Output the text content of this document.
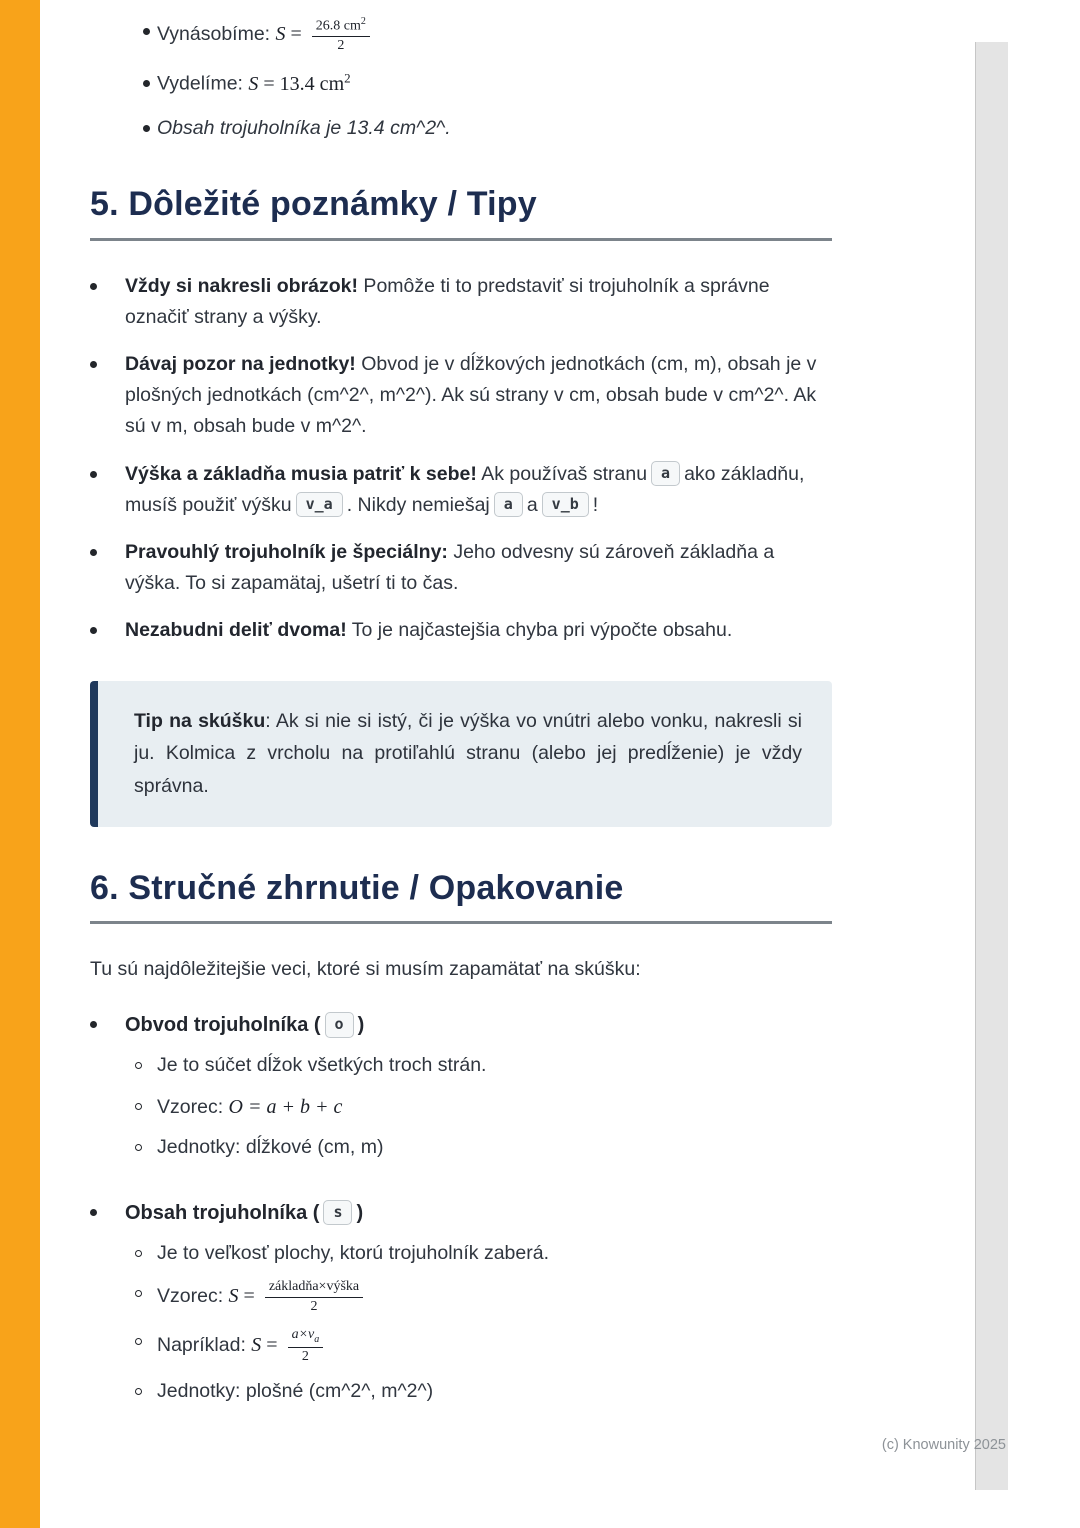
Vynásobíme: $S = \frac{26.8 cm^2}{2}$
Vydelíme: S = 13.4 $cm^2$
Obsah trojuholníka je 13.4 cm^2^.
5. Dôležité poznámky / Tipy
Vždy si nakresli obrázok! Pomôže ti to predstaviť si trojuholník a správne označiť strany a výšky.
Dávaj pozor na jednotky! Obvod je v dĺžkových jednotkách (cm, m), obsah je v plošných jednotkách (cm^2^, m^2^). Ak sú strany v cm, obsah bude v cm^2^. Ak sú v m, obsah bude v m^2^.
Výška a základňa musia patriť k sebe! Ak používaš stranu a ako základňu, musíš použiť výšku v_a . Nikdy nemiešaj a a v_b !
Pravouhlý trojuholník je špeciálny: Jeho odvesny sú zároveň základňa a výška. To si zapamätaj, ušetrí ti to čas.
Nezabudni deliť dvoma! To je najčastejšia chyba pri výpočte obsahu.

Tip na skúšku: Ak si nie si istý, či je výška vo vnútri alebo vonku, nakresli si ju. Kolmica z vrcholu na protiľahlú stranu (alebo jej predĺženie) je vždy správna.

6. Stručné zhrnutie / Opakovanie

Tu sú najdôležitejšie veci, ktoré si musím zapamätať na skúšku:

Obvod trojuholníka ( o )
Je to súčet dĺžok všetkých troch strán.
Vzorec: O = a + b + c
Jednotky: dĺžkové (cm, m)
Obsah trojuholníka ( s )
Je to veľkosť plochy, ktorú trojuholník zaberá.
Vzorec: $S = \frac{\text{základňa×výška}}{2}$
Napríklad: $S = \frac{a\times v_a}{2}$
Jednotky: plošné (cm^2^, m^2^)
(c) Knowunity 2025
